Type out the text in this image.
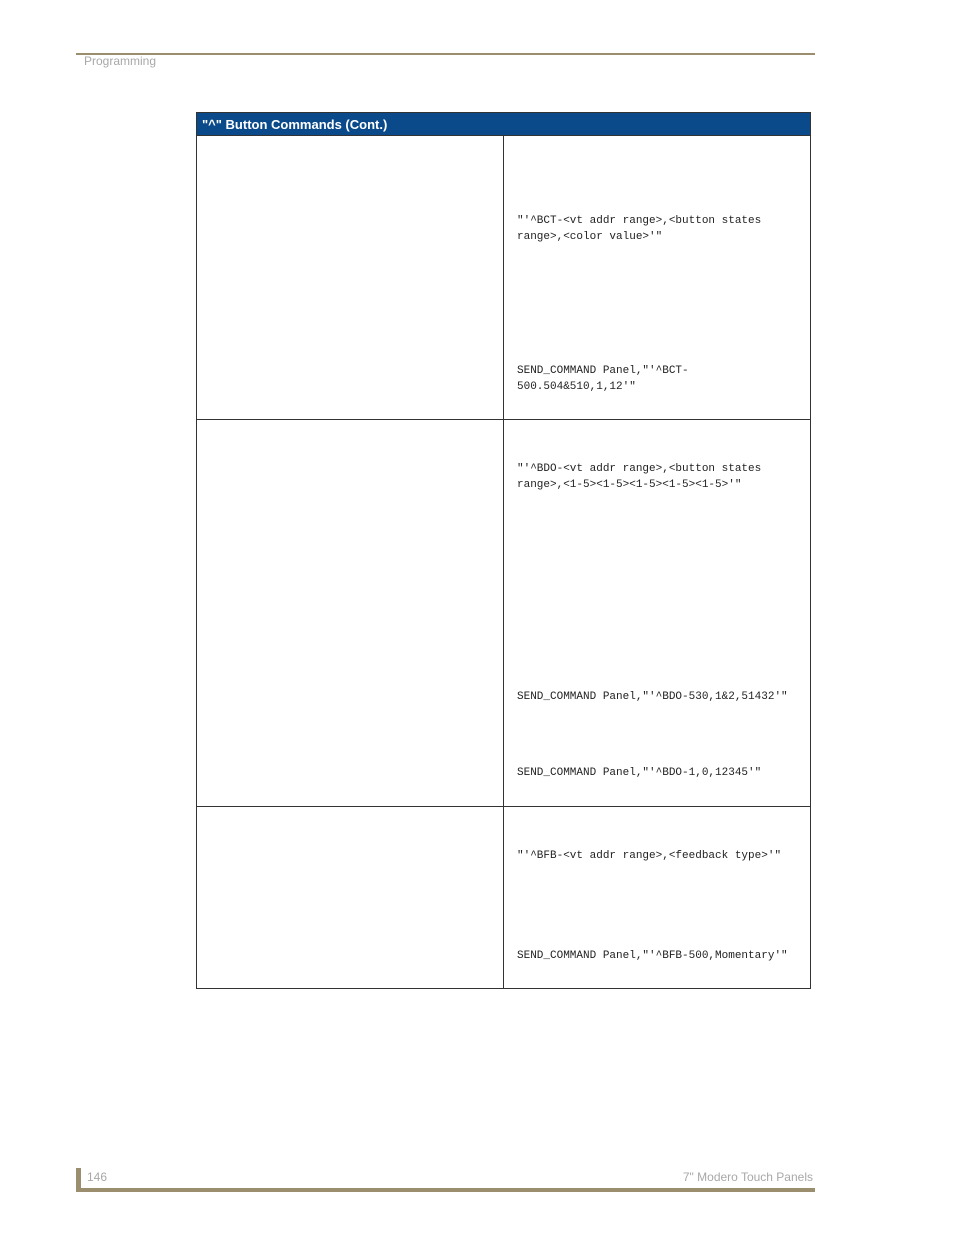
Programming
"^" Button Commands (Cont.)	

	"'^BCT-<vt addr range>,<button states range>,<color value>'"
SEND_COMMAND Panel,"'^BCT-500.504&510,1,12'"

	"'^BDO-<vt addr range>,<button states range>,<1-5><1-5><1-5><1-5><1-5>'"
SEND_COMMAND Panel,"'^BDO-530,1&2,51432'"
SEND_COMMAND Panel,"'^BDO-1,0,12345'"

	"'^BFB-<vt addr range>,<feedback type>'"
SEND_COMMAND Panel,"'^BFB-500,Momentary'"
146	7" Modero Touch Panels
